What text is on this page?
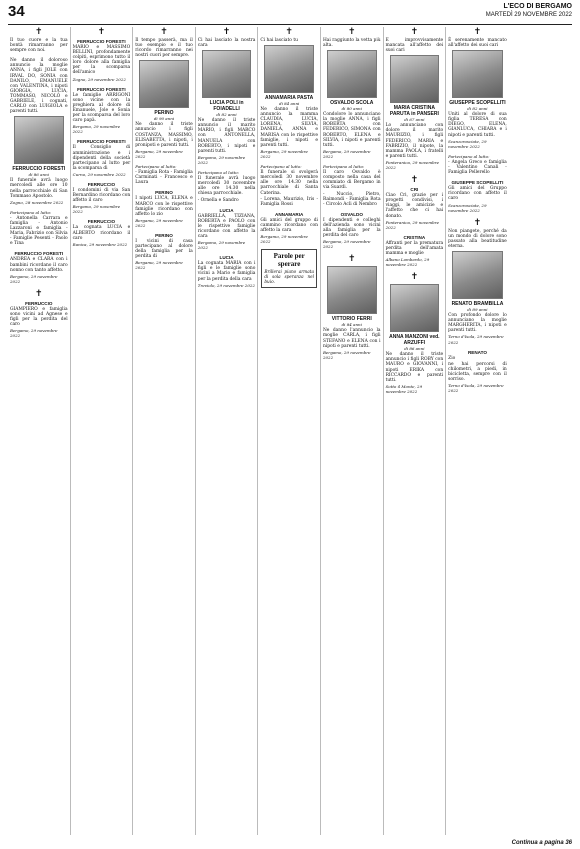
34	L'ECO DI BERGAMO
MARTEDÌ 29 NOVEMBRE 2022
✝
Il tuo cuore e la tua bontà rimarranno per sempre con noi.
Ne danno il doloroso annuncio la moglie ANNA, i figli JOLE con IRVAL DO, SONIA con DANILO, EMANUELE con VALENTINA, i nipoti GIORGIA, LUCIA, TOMMASO, NICOLÒ e GABRIELE, i cognati, CARLO con LUIGIOLA e parenti tutti.
FERRUCCIO FORESTI
di 86 anni
Il funerale avrà luogo mercoledì alle ore 10 nella parrocchiale di San Tommaso Apostolo.
Zogno, 28 novembre 2022
Partecipano al lutto:
- Antonella Carrara e famiglia - Antonio Lazzaroni e famiglia - Maria, Fabrizio con Silvia - Famiglie Pesenti - Paolo e Tina
FERRUCCIO FORESTI
ANDREA e CLARA con i bambini ricordano il caro nonno con tanto affetto.
Bergamo, 29 novembre 2022
✝
FERRUCCIO
GIAMPIERO e famiglia sono vicini ad Agnese e figli per la perdita del caro
Bergamo, 29 novembre 2022
✝
FERRUCCIO FORESTI
MARIO e MASSIMO BELLINI, profondamente colpiti, esprimono tutto il loro dolore alla famiglia per la scomparsa dell'amico
Zogno, 29 novembre 2022
FERRUCCIO FORESTI
Le famiglie ARRIGONI sono vicine con la preghiera al dolore di Emanuele, Jole e Sonia per la scomparsa del loro caro papà.
Bergamo, 29 novembre 2022
FERRUCCIO FORESTI
Il Consiglio di amministrazione e i dipendenti della società partecipano al lutto per la scomparsa di
Curno, 29 novembre 2022
FERRUCCIO
I condomini di via San Bernardino ricordano con affetto il caro
Bergamo, 29 novembre 2022
FERRUCCIO
La cognata LUCIA e ALBERTO ricordano il caro
Ranica, 29 novembre 2022
✝
Il tempo passerà, ma il tuo esempio e il tuo ricordo rimarranno nei nostri cuori per sempre.
PERINO
di 90 anni
Ne danno il triste annuncio i figli COSTANZA, MASSIMO, ELISABETTA, i nipoti, i pronipoti e parenti tutti.
Bergamo, 29 novembre 2022
Partecipano al lutto:
- Famiglia Rota - Famiglia Carminati - Francesco e Laura
PERINO
I nipoti LUCA, ELENA e MARCO con le rispettive famiglie ricordano con affetto lo zio
Bergamo, 29 novembre 2022
PERINO
I vicini di casa partecipano al dolore della famiglia per la perdita di
Bergamo, 29 novembre 2022
✝
Ci hai lasciato la nostra cara
LUCIA POLI in FOIADELLI
di 82 anni
Ne danno il triste annuncio il marito MARIO, i figli MARCO con ANTONELLA, MANUELA con ROBERTO, i nipoti e parenti tutti.
Bergamo, 29 novembre 2022
Partecipano al lutto:
Il funerale avrà luogo mercoledì 30 novembre alle ore 14.30 nella chiesa parrocchiale.
- Ornella e Sandro
LUCIA
GABRIELLA, TIZIANA, ROBERTA e PAOLO con le rispettive famiglie ricordano con affetto la cara
Bergamo, 29 novembre 2022
LUCIA
La cognata MARIA con i figli e le famiglie sono vicini a Mario e famiglia per la perdita della cara
Treviolo, 29 novembre 2022
✝
Ci hai lasciato tu
ANNAMARIA PASTA
di 84 anni
Ne danno il triste annuncio la mamma CLAUDIA, LUCIA, LORENA, SILVIA, DANIELA, ANNA e MARISA con le rispettive famiglie, i nipoti e parenti tutti.
Bergamo, 29 novembre 2022
Partecipano al lutto:
Il funerale si svolgerà mercoledì 30 novembre alle ore 14.30 nella parrocchiale di Santa Caterina.
- Lorena, Maurizio, Iris - Famiglia Rossi
ANNAMARIA
Gli amici del gruppo di cammino ricordano con affetto la cara
Bergamo, 29 novembre 2022
Parole per sperare
Brillerai piano armata di sola speranza nel buio.
✝
Hai raggiunto la vetta più alta.
OSVALDO SCOLA
di 80 anni
Condolore lo annunciano la moglie ANNA, i figli ROBERTA con FEDERICO, SIMONA con ROBERTO, ELENA e SILVIA, i nipoti e parenti tutti.
Bergamo, 29 novembre 2022
Partecipano al lutto:
Il caro Osvaldo è composto nella casa del commiato di Bergamo in via Suardi.
- Nuccio, Pietro, Raimondi - Famiglia Rota - Circolo Acli di Nembro
OSVALDO
I dipendenti e colleghi dell'azienda sono vicini alla famiglia per la perdita del caro
Bergamo, 29 novembre 2022
✝
VITTORIO FERRI
di 84 anni
Ne danno l'annuncio la moglie CARLA, i figli STEFANO e ELENA con i nipoti e parenti tutti.
Bergamo, 29 novembre 2022
✝
E improvvisamente mancata all'affetto dei suoi cari
MARIA CRISTINA PARUTA in PANSERI
di 67 anni
Lo annunciano con dolore il marito MAURIZIO, i figli FEDERICO, MARIA e FABRIZIO, il nipote, la mamma PAOLA, i fratelli e parenti tutti.
Ponteranica, 29 novembre 2022
✝
CRI
Ciao Cri, grazie per i progetti condivisi, i viaggi, le amicizie e l'affetto che ci hai donato.
Ponteranica, 29 novembre 2022
CRISTINA
Affranti per la prematura perdita dell'amata mamma e moglie
Albano Lombardo, 29 novembre 2022
✝
ANNA MANZONI ved. ARZUFFI
di 86 anni
Ne danno il triste annuncio i figli ROBY con MAURO e GIOVANNI, i nipoti ERIKA con RICCARDO e parenti tutti.
Sotto il Monte, 29 novembre 2022
✝
È serenamente mancato all'affetto dei suoi cari
GIUSEPPE SCOPELLITI
di 82 anni
Uniti al dolore di sua figlia TERESA con DIEGO, ELENA, GIANLUCA, CHIARA e i nipoti e parenti tutti.
Scanzorosciate, 29 novembre 2022
Partecipano al lutto:
- Angela Greco e famiglia - Valentino Canali - Famiglia Pellerello
GIUSEPPE SCOPELLITI
Gli amici del Gruppo ricordano con affetto il caro
Scanzorosciate, 29 novembre 2022
✝
Non piangete, perché da un mondo di dolore sono passato alla beatitudine eterna.
RENATO BRAMBILLA
di 89 anni
Con profondo dolore lo annunciano la moglie MARGHERITA, i nipoti e parenti tutti.
Terno d'Isola, 29 novembre 2022
RENATO
Zio
ne hai percorsi di chilometri, a piedi, in bicicletta, sempre con il sorriso.
Terno d'Isola, 29 novembre 2022
Continua a pagina 36
